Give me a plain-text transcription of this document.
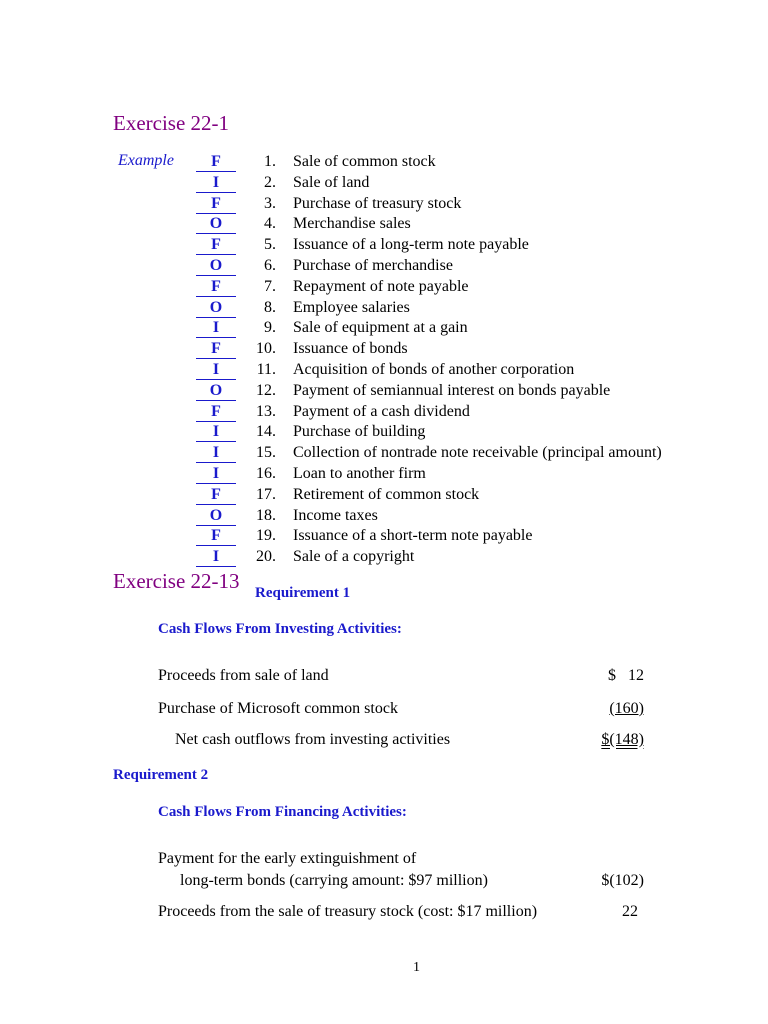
Exercise 22-1
Example	F	1. Sale of common stock
I	2. Sale of land
F	3. Purchase of treasury stock
O	4. Merchandise sales
F	5. Issuance of a long-term note payable
O	6. Purchase of merchandise
F	7. Repayment of note payable
O	8. Employee salaries
I	9. Sale of equipment at a gain
F	10. Issuance of bonds
I	11. Acquisition of bonds of another corporation
O	12. Payment of semiannual interest on bonds payable
F	13. Payment of a cash dividend
I	14. Purchase of building
I	15. Collection of nontrade note receivable (principal amount)
I	16. Loan to another firm
F	17. Retirement of common stock
O	18. Income taxes
F	19. Issuance of a short-term note payable
I	20. Sale of a copyright
Exercise 22-13 Requirement 1
Cash Flows From Investing Activities:
Proceeds from sale of land	$   12
Purchase of Microsoft common stock	(160)
Net cash outflows from investing activities	$(148)
Requirement 2
Cash Flows From Financing Activities:
Payment for the early extinguishment of
long-term bonds (carrying amount: $97 million)	$(102)
Proceeds from the sale of treasury stock (cost: $17 million)	22
1
